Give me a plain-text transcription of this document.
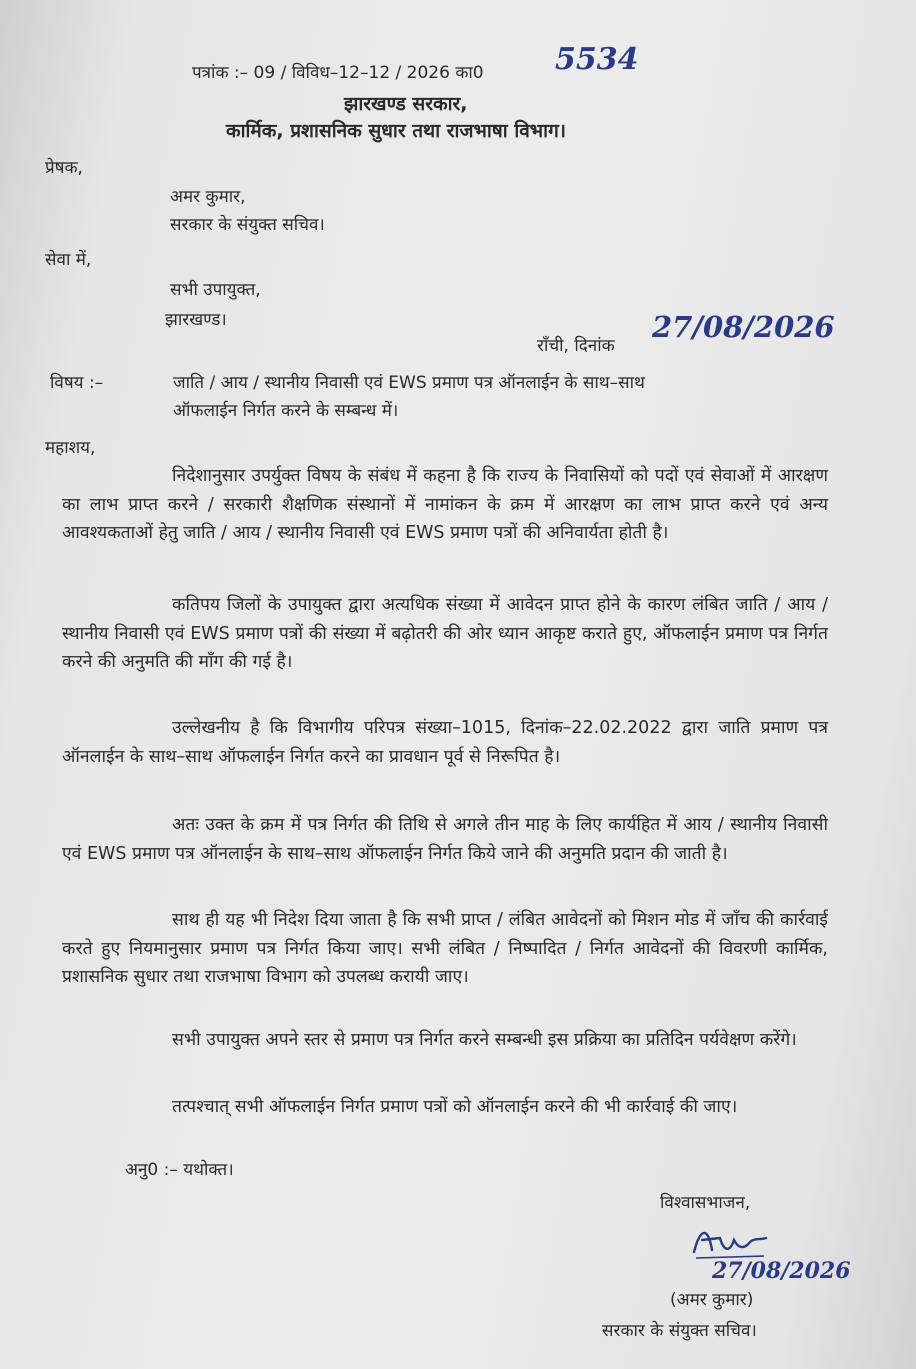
पत्रांक :– 09 / विविध–12–12 / 2026 का0 5534
झारखण्ड सरकार,
कार्मिक, प्रशासनिक सुधार तथा राजभाषा विभाग।
प्रेषक,
अमर कुमार,
सरकार के संयुक्त सचिव।
सेवा में,
सभी उपायुक्त,
झारखण्ड।
राँची, दिनांक
27/08/2026
विषय :–	जाति / आय / स्थानीय निवासी एवं EWS प्रमाण पत्र ऑनलाईन के साथ–साथ
ऑफलाईन निर्गत करने के सम्बन्ध में।
महाशय,
निदेशानुसार उपर्युक्त विषय के संबंध में कहना है कि राज्य के निवासियों को पदों एवं सेवाओं में आरक्षण का लाभ प्राप्त करने / सरकारी शैक्षणिक संस्थानों में नामांकन के क्रम में आरक्षण का लाभ प्राप्त करने एवं अन्य आवश्यकताओं हेतु जाति / आय / स्थानीय निवासी एवं EWS प्रमाण पत्रों की अनिवार्यता होती है।
कतिपय जिलों के उपायुक्त द्वारा अत्यधिक संख्या में आवेदन प्राप्त होने के कारण लंबित जाति / आय / स्थानीय निवासी एवं EWS प्रमाण पत्रों की संख्या में बढ़ोतरी की ओर ध्यान आकृष्ट कराते हुए, ऑफलाईन प्रमाण पत्र निर्गत करने की अनुमति की माँग की गई है।
उल्लेखनीय है कि विभागीय परिपत्र संख्या–1015, दिनांक–22.02.2022 द्वारा जाति प्रमाण पत्र ऑनलाईन के साथ–साथ ऑफलाईन निर्गत करने का प्रावधान पूर्व से निरूपित है।
अतः उक्त के क्रम में पत्र निर्गत की तिथि से अगले तीन माह के लिए कार्यहित में आय / स्थानीय निवासी एवं EWS प्रमाण पत्र ऑनलाईन के साथ–साथ ऑफलाईन निर्गत किये जाने की अनुमति प्रदान की जाती है।
साथ ही यह भी निदेश दिया जाता है कि सभी प्राप्त / लंबित आवेदनों को मिशन मोड में जाँच की कार्रवाई करते हुए नियमानुसार प्रमाण पत्र निर्गत किया जाए। सभी लंबित / निष्पादित / निर्गत आवेदनों की विवरणी कार्मिक, प्रशासनिक सुधार तथा राजभाषा विभाग को उपलब्ध करायी जाए।
सभी उपायुक्त अपने स्तर से प्रमाण पत्र निर्गत करने सम्बन्धी इस प्रक्रिया का प्रतिदिन पर्यवेक्षण करेंगे।
तत्पश्चात् सभी ऑफलाईन निर्गत प्रमाण पत्रों को ऑनलाईन करने की भी कार्रवाई की जाए।
अनु0 :– यथोक्त।
विश्वासभाजन,
27/08/2026
(अमर कुमार)
सरकार के संयुक्त सचिव।
